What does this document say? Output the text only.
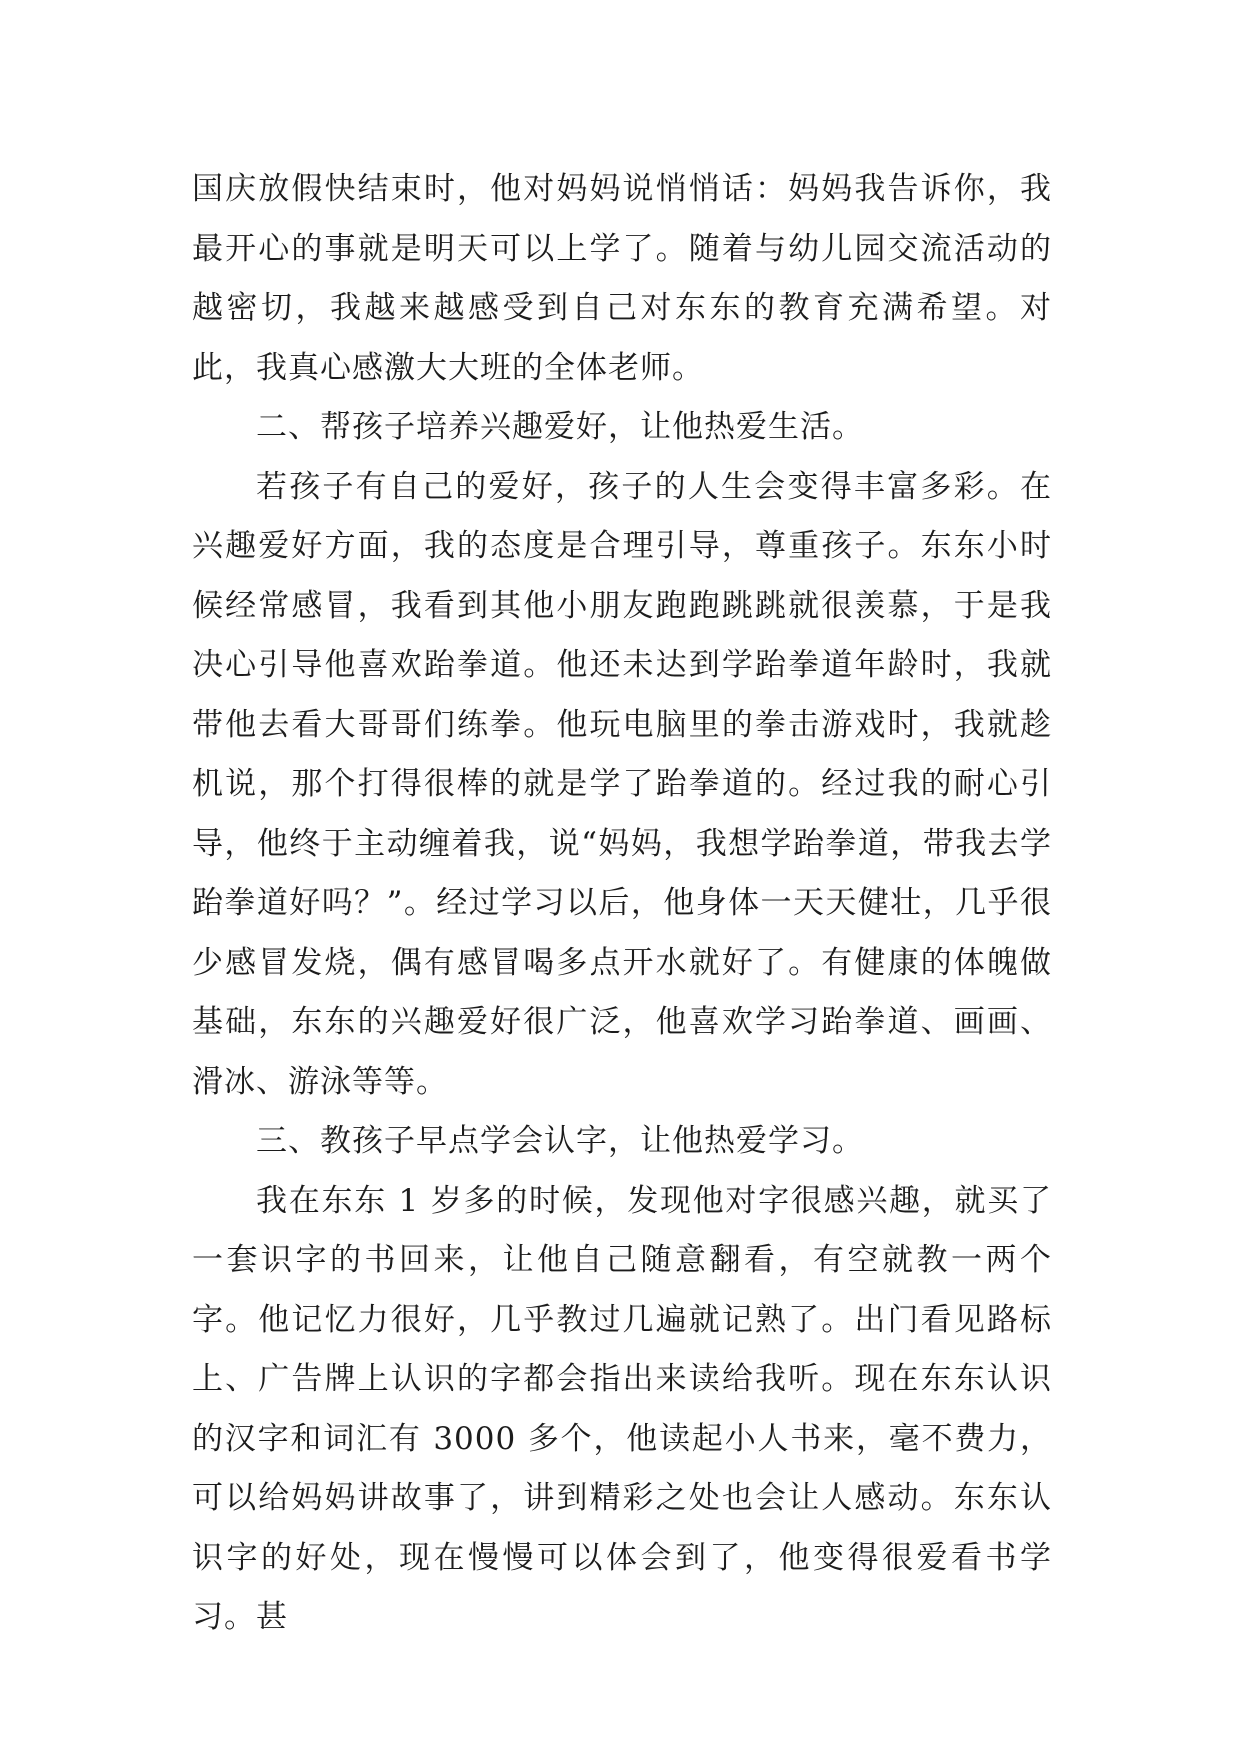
国庆放假快结束时，他对妈妈说悄悄话：妈妈我告诉你，我最开心的事就是明天可以上学了。随着与幼儿园交流活动的越密切，我越来越感受到自己对东东的教育充满希望。对此，我真心感激大大班的全体老师。

二、帮孩子培养兴趣爱好，让他热爱生活。

若孩子有自己的爱好，孩子的人生会变得丰富多彩。在兴趣爱好方面，我的态度是合理引导，尊重孩子。东东小时候经常感冒，我看到其他小朋友跑跑跳跳就很羡慕，于是我决心引导他喜欢跆拳道。他还未达到学跆拳道年龄时，我就带他去看大哥哥们练拳。他玩电脑里的拳击游戏时，我就趁机说，那个打得很棒的就是学了跆拳道的。经过我的耐心引导，他终于主动缠着我，说“妈妈，我想学跆拳道，带我去学跆拳道好吗？”。经过学习以后，他身体一天天健壮，几乎很少感冒发烧，偶有感冒喝多点开水就好了。有健康的体魄做基础，东东的兴趣爱好很广泛，他喜欢学习跆拳道、画画、滑冰、游泳等等。

三、教孩子早点学会认字，让他热爱学习。

我在东东 1 岁多的时候，发现他对字很感兴趣，就买了一套识字的书回来，让他自己随意翻看，有空就教一两个字。他记忆力很好，几乎教过几遍就记熟了。出门看见路标上、广告牌上认识的字都会指出来读给我听。现在东东认识的汉字和词汇有 3000 多个，他读起小人书来，毫不费力，可以给妈妈讲故事了，讲到精彩之处也会让人感动。东东认识字的好处，现在慢慢可以体会到了，他变得很爱看书学习。甚
